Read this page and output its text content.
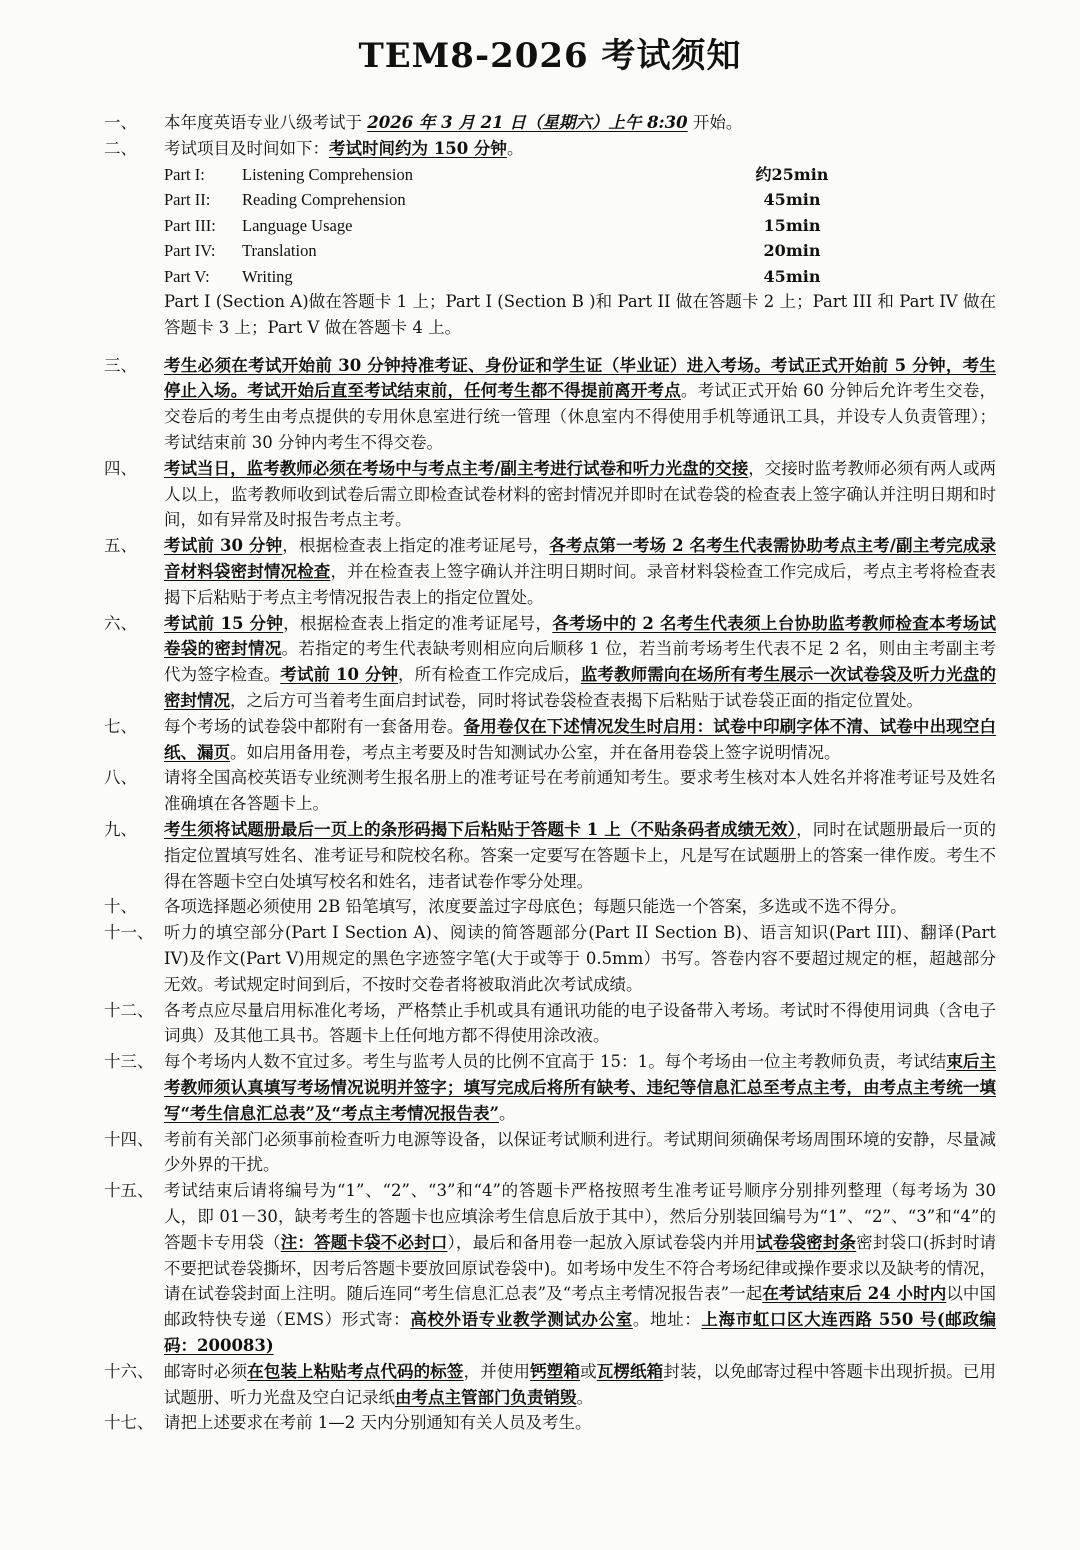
TEM8-2026 考试须知
一、	本年度英语专业八级考试于 2026 年 3 月 21 日（星期六）上午 8:30 开始。
二、	考试项目及时间如下：考试时间约为 150 分钟。
Part I:	Listening Comprehension	约25min
Part II:	Reading Comprehension	45min
Part III:	Language Usage	15min
Part IV:	Translation	20min
Part V:	Writing	45min
Part I (Section A)做在答题卡 1 上；Part I (Section B )和 Part II 做在答题卡 2 上；Part III 和 Part IV 做在答题卡 3 上；Part V 做在答题卡 4 上。
三、	考生必须在考试开始前 30 分钟持准考证、身份证和学生证（毕业证）进入考场。考试正式开始前 5 分钟，考生停止入场。考试开始后直至考试结束前，任何考生都不得提前离开考点。考试正式开始 60 分钟后允许考生交卷，交卷后的考生由考点提供的专用休息室进行统一管理（休息室内不得使用手机等通讯工具，并设专人负责管理）；考试结束前 30 分钟内考生不得交卷。
四、	考试当日，监考教师必须在考场中与考点主考/副主考进行试卷和听力光盘的交接，交接时监考教师必须有两人或两人以上，监考教师收到试卷后需立即检查试卷材料的密封情况并即时在试卷袋的检查表上签字确认并注明日期和时间，如有异常及时报告考点主考。
五、	考试前 30 分钟，根据检查表上指定的准考证尾号，各考点第一考场 2 名考生代表需协助考点主考/副主考完成录音材料袋密封情况检查，并在检查表上签字确认并注明日期时间。录音材料袋检查工作完成后，考点主考将检查表揭下后粘贴于考点主考情况报告表上的指定位置处。
六、	考试前 15 分钟，根据检查表上指定的准考证尾号，各考场中的 2 名考生代表须上台协助监考教师检查本考场试卷袋的密封情况。若指定的考生代表缺考则相应向后顺移 1 位，若当前考场考生代表不足 2 名，则由主考副主考代为签字检查。考试前 10 分钟，所有检查工作完成后，监考教师需向在场所有考生展示一次试卷袋及听力光盘的密封情况，之后方可当着考生面启封试卷，同时将试卷袋检查表揭下后粘贴于试卷袋正面的指定位置处。
七、	每个考场的试卷袋中都附有一套备用卷。备用卷仅在下述情况发生时启用：试卷中印刷字体不清、试卷中出现空白纸、漏页。如启用备用卷，考点主考要及时告知测试办公室，并在备用卷袋上签字说明情况。
八、	请将全国高校英语专业统测考生报名册上的准考证号在考前通知考生。要求考生核对本人姓名并将准考证号及姓名准确填在各答题卡上。
九、	考生须将试题册最后一页上的条形码揭下后粘贴于答题卡 1 上（不贴条码者成绩无效），同时在试题册最后一页的指定位置填写姓名、准考证号和院校名称。答案一定要写在答题卡上，凡是写在试题册上的答案一律作废。考生不得在答题卡空白处填写校名和姓名，违者试卷作零分处理。
十、	各项选择题必须使用 2B 铅笔填写，浓度要盖过字母底色；每题只能选一个答案，多选或不选不得分。
十一、 听力的填空部分(Part I Section A)、阅读的简答题部分(Part II Section B)、语言知识(Part III)、翻译(Part IV)及作文(Part V)用规定的黑色字迹签字笔(大于或等于 0.5mm）书写。答卷内容不要超过规定的框，超越部分无效。考试规定时间到后，不按时交卷者将被取消此次考试成绩。
十二、 各考点应尽量启用标准化考场，严格禁止手机或具有通讯功能的电子设备带入考场。考试时不得使用词典（含电子词典）及其他工具书。答题卡上任何地方都不得使用涂改液。
十三、 每个考场内人数不宜过多。考生与监考人员的比例不宜高于 15：1。每个考场由一位主考教师负责，考试结束后主考教师须认真填写考场情况说明并签字；填写完成后将所有缺考、违纪等信息汇总至考点主考，由考点主考统一填写“考生信息汇总表”及“考点主考情况报告表”。
十四、 考前有关部门必须事前检查听力电源等设备，以保证考试顺利进行。考试期间须确保考场周围环境的安静，尽量减少外界的干扰。
十五、 考试结束后请将编号为“1”、“2”、“3”和“4”的答题卡严格按照考生准考证号顺序分别排列整理（每考场为 30 人，即 01－30，缺考考生的答题卡也应填涂考生信息后放于其中），然后分别装回编号为“1”、“2”、“3”和“4”的答题卡专用袋（注：答题卡袋不必封口），最后和备用卷一起放入原试卷袋内并用试卷袋密封条密封袋口(拆封时请不要把试卷袋撕坏，因考后答题卡要放回原试卷袋中)。如考场中发生不符合考场纪律或操作要求以及缺考的情况，请在试卷袋封面上注明。随后连同“考生信息汇总表”及“考点主考情况报告表”一起在考试结束后 24 小时内以中国邮政特快专递（EMS）形式寄：高校外语专业教学测试办公室。地址：上海市虹口区大连西路 550 号(邮政编码：200083)
十六、 邮寄时必须在包装上粘贴考点代码的标签，并使用钙塑箱或瓦楞纸箱封装，以免邮寄过程中答题卡出现折损。已用试题册、听力光盘及空白记录纸由考点主管部门负责销毁。
十七、 请把上述要求在考前 1—2 天内分别通知有关人员及考生。
